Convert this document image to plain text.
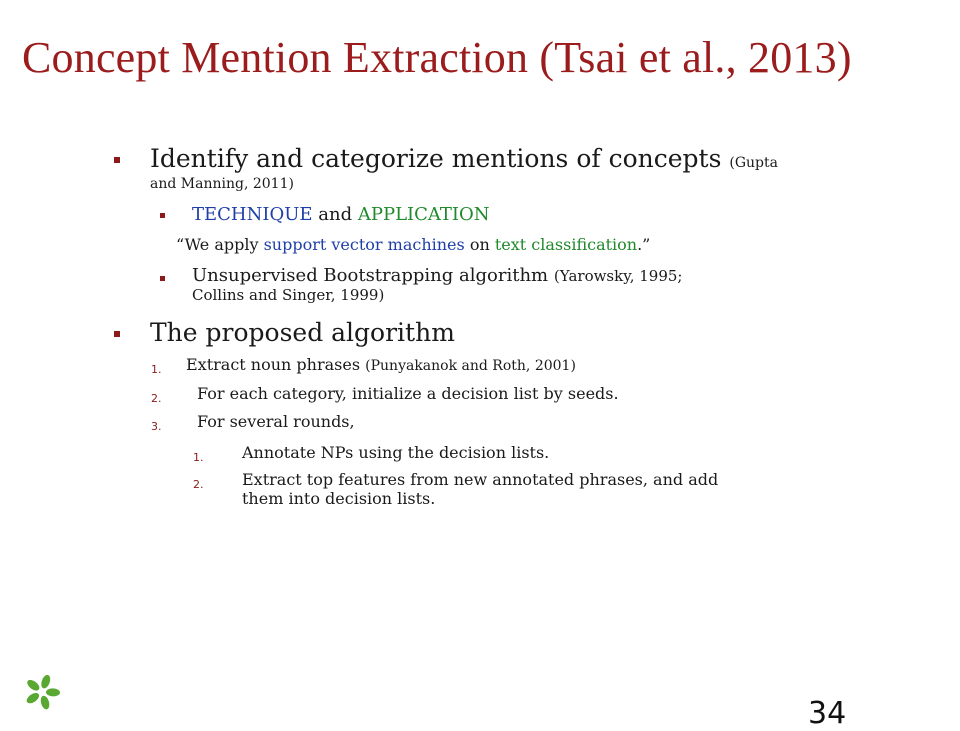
Concept Mention Extraction (Tsai et al., 2013)
Identify and categorize mentions of concepts (Gupta
and Manning, 2011)
TECHNIQUE and APPLICATION
“We apply support vector machines on text classification.”
Unsupervised Bootstrapping algorithm (Yarowsky, 1995;
Collins and Singer, 1999)
The proposed algorithm
1. Extract noun phrases (Punyakanok and Roth, 2001)
2. For each category, initialize a decision list by seeds.
3. For several rounds,
1. Annotate NPs using the decision lists.
2. Extract top features from new annotated phrases, and add
them into decision lists.
34
